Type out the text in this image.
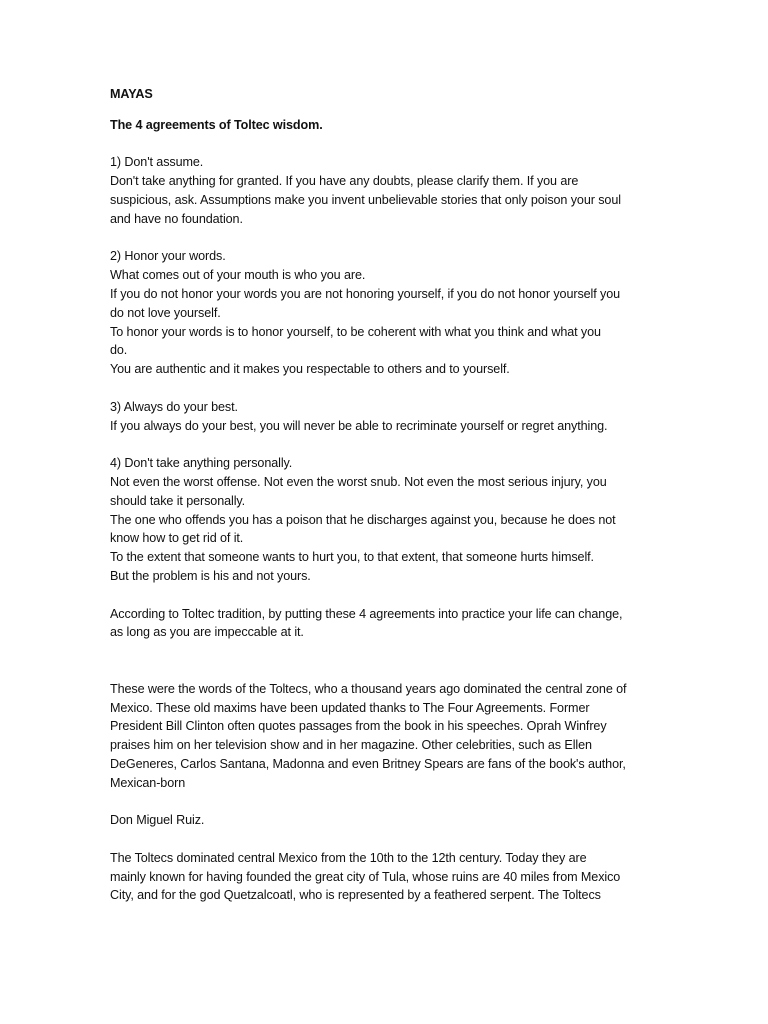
MAYAS
The 4 agreements of Toltec wisdom.
1) Don't assume.
Don't take anything for granted. If you have any doubts, please clarify them. If you are
suspicious, ask. Assumptions make you invent unbelievable stories that only poison your soul
and have no foundation.
2) Honor your words.
What comes out of your mouth is who you are.
If you do not honor your words you are not honoring yourself, if you do not honor yourself you
do not love yourself.
To honor your words is to honor yourself, to be coherent with what you think and what you
do.
You are authentic and it makes you respectable to others and to yourself.
3) Always do your best.
If you always do your best, you will never be able to recriminate yourself or regret anything.
4) Don't take anything personally.
Not even the worst offense. Not even the worst snub. Not even the most serious injury, you
should take it personally.
The one who offends you has a poison that he discharges against you, because he does not
know how to get rid of it.
To the extent that someone wants to hurt you, to that extent, that someone hurts himself.
But the problem is his and not yours.
According to Toltec tradition, by putting these 4 agreements into practice your life can change,
as long as you are impeccable at it.
These were the words of the Toltecs, who a thousand years ago dominated the central zone of
Mexico. These old maxims have been updated thanks to The Four Agreements. Former
President Bill Clinton often quotes passages from the book in his speeches. Oprah Winfrey
praises him on her television show and in her magazine. Other celebrities, such as Ellen
DeGeneres, Carlos Santana, Madonna and even Britney Spears are fans of the book's author,
Mexican-born
Don Miguel Ruiz.
The Toltecs dominated central Mexico from the 10th to the 12th century. Today they are
mainly known for having founded the great city of Tula, whose ruins are 40 miles from Mexico
City, and for the god Quetzalcoatl, who is represented by a feathered serpent. The Toltecs
